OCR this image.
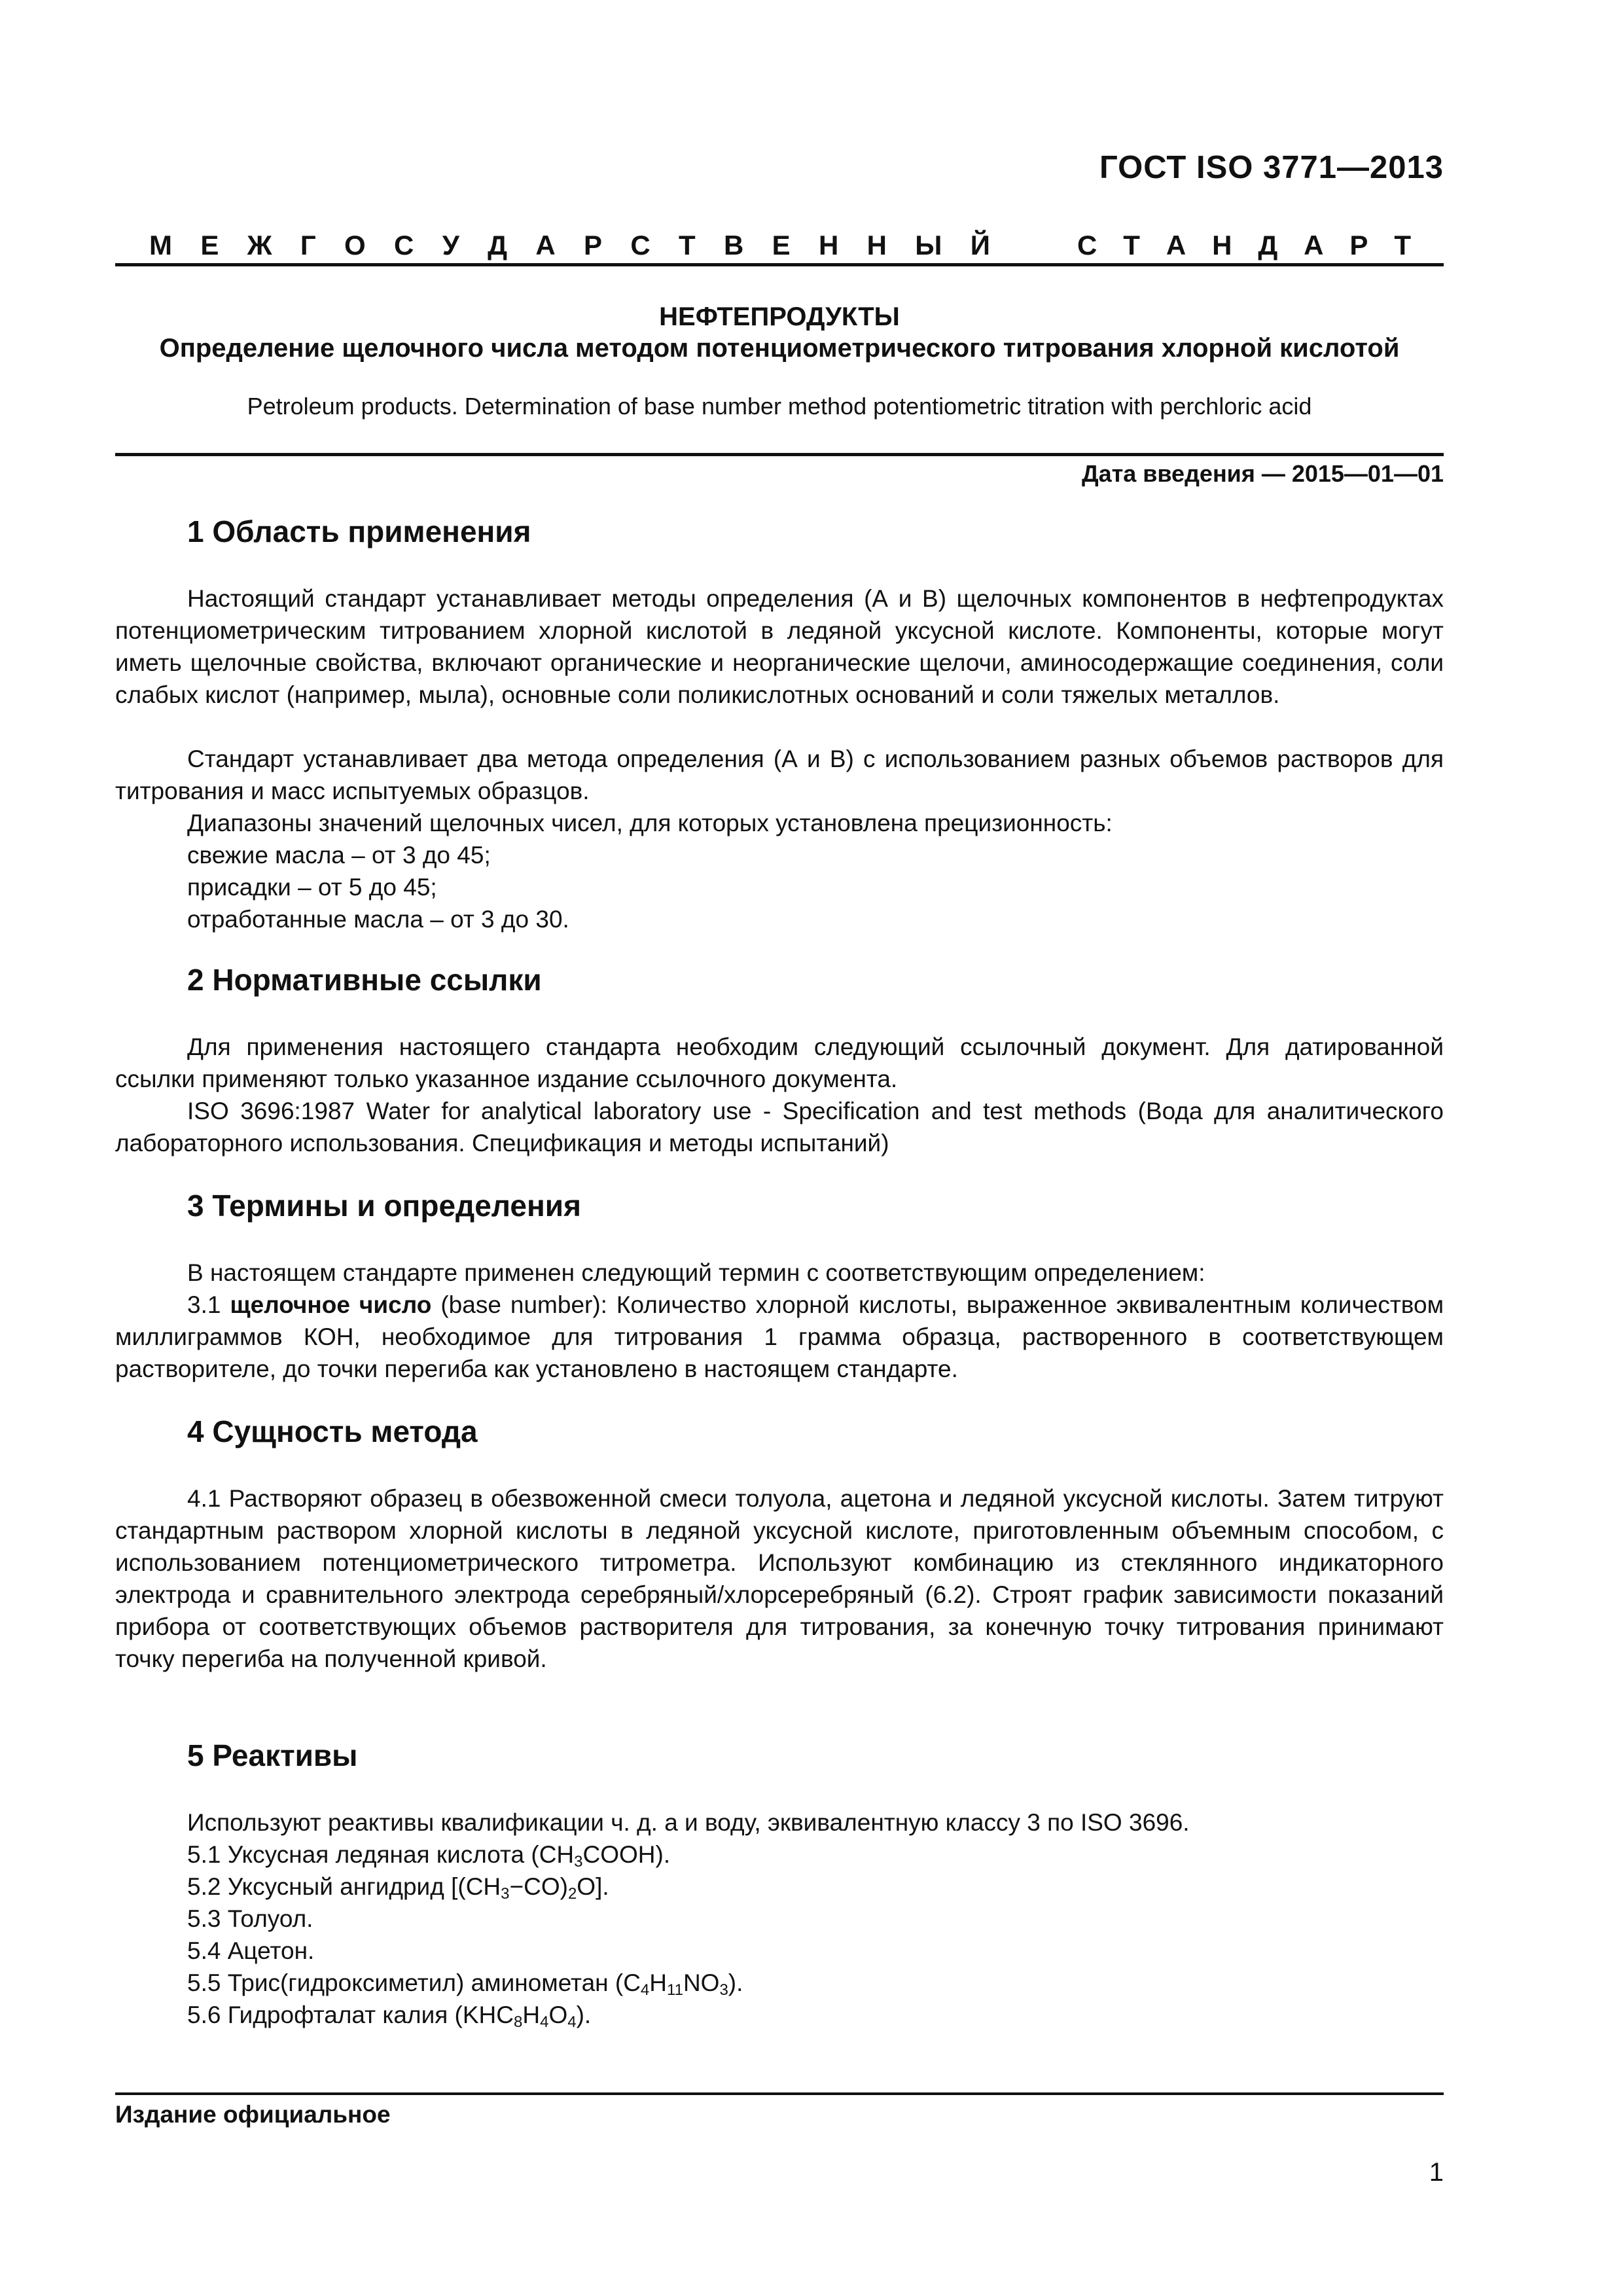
ГОСТ ISO 3771—2013
М Е Ж Г О С У Д А Р С Т В Е Н Н Ы Й	С Т А Н Д А Р Т
НЕФТЕПРОДУКТЫ
Определение щелочного числа методом потенциометрического титрования хлорной кислотой
Petroleum products. Determination of base number method potentiometric titration with perchloric acid
Дата введения — 2015—01—01
1 Область применения

Настоящий стандарт устанавливает методы определения (А и В) щелочных компонентов в нефтепродуктах потенциометрическим титрованием хлорной кислотой в ледяной уксусной кислоте. Компоненты, которые могут иметь щелочные свойства, включают органические и неорганические щелочи, аминосодержащие соединения, соли слабых кислот (например, мыла), основные соли поликислотных оснований и соли тяжелых металлов.

Стандарт устанавливает два метода определения (А и В) с использованием разных объемов растворов для титрования и масс испытуемых образцов.

Диапазоны значений щелочных чисел, для которых установлена прецизионность:
свежие масла – от 3 до 45;
присадки – от 5 до 45;
отработанные масла – от 3 до 30.
2 Нормативные ссылки

Для применения настоящего стандарта необходим следующий ссылочный документ. Для датированной ссылки применяют только указанное издание ссылочного документа.

ISO 3696:1987 Water for analytical laboratory use - Specification and test methods (Вода для аналитического лабораторного использования. Спецификация и методы испытаний)

3 Термины и определения
В настоящем стандарте применен следующий термин с соответствующим определением:

3.1 щелочное число (base number): Количество хлорной кислоты, выраженное эквивалентным количеством миллиграммов КОН, необходимое для титрования 1 грамма образца, растворенного в соответствующем растворителе, до точки перегиба как установлено в настоящем стандарте.

4 Сущность метода

4.1 Растворяют образец в обезвоженной смеси толуола, ацетона и ледяной уксусной кислоты. Затем титруют стандартным раствором хлорной кислоты в ледяной уксусной кислоте, приготовленным объемным способом, с использованием потенциометрического титрометра. Используют комбинацию из стеклянного индикаторного электрода и сравнительного электрода серебряный/хлорсеребряный (6.2). Строят график зависимости показаний прибора от соответствующих объемов растворителя для титрования, за конечную точку титрования принимают точку перегиба на полученной кривой.

5 Реактивы
Используют реактивы квалификации ч. д. а и воду, эквивалентную классу 3 по ISO 3696.
5.1 Уксусная ледяная кислота $(CH_3COOH)$.
5.2 Уксусный ангидрид $[(CH_3-CO)_2O]$.
5.3 Толуол.
5.4 Ацетон.
5.5 Трис(гидроксиметил) аминометан $(C_4H_{11}NO_3)$.
5.6 Гидрофталат калия $(KHC_8H_4O_4)$.
Издание официальное
1
